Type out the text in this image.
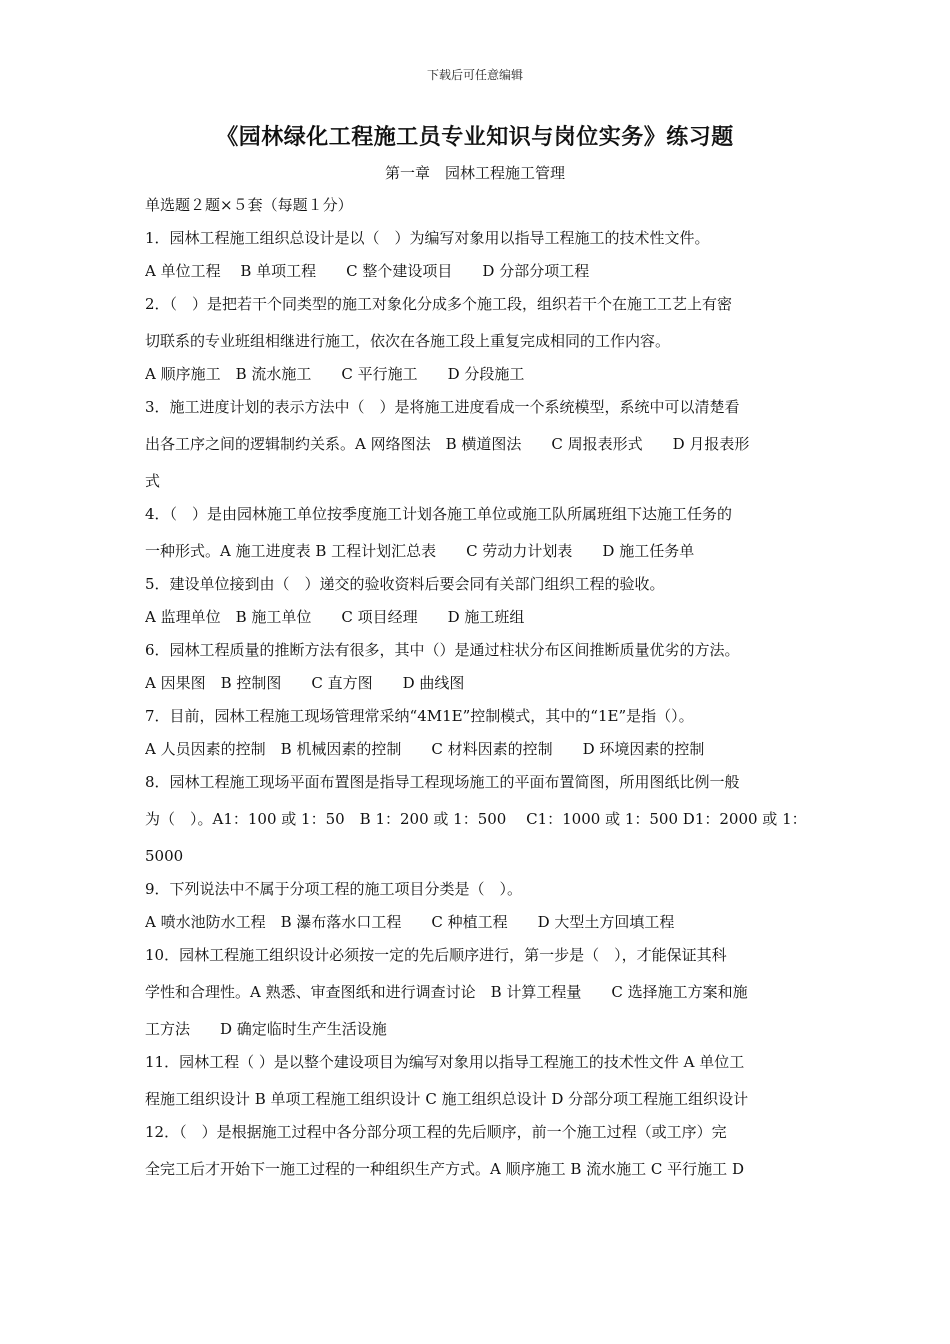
下载后可任意编辑
《园林绿化工程施工员专业知识与岗位实务》练习题
第一章　园林工程施工管理
单选题２题×５套（每题１分）
1．园林工程施工组织总设计是以（　）为编写对象用以指导工程施工的技术性文件。
A 单位工程　 B 单项工程　　C 整个建设项目　　D 分部分项工程
2．（　）是把若干个同类型的施工对象化分成多个施工段，组织若干个在施工工艺上有密
切联系的专业班组相继进行施工，依次在各施工段上重复完成相同的工作内容。
A 顺序施工　B 流水施工　　C 平行施工　　D 分段施工
3．施工进度计划的表示方法中（　）是将施工进度看成一个系统模型，系统中可以清楚看
出各工序之间的逻辑制约关系。A 网络图法　B 横道图法　　C 周报表形式　　D 月报表形
式
4．（　）是由园林施工单位按季度施工计划各施工单位或施工队所属班组下达施工任务的
一种形式。A 施工进度表 B 工程计划汇总表　　C 劳动力计划表　　D 施工任务单
5．建设单位接到由（　）递交的验收资料后要会同有关部门组织工程的验收。
A 监理单位　B 施工单位　　C 项目经理　　D 施工班组
6．园林工程质量的推断方法有很多，其中（）是通过柱状分布区间推断质量优劣的方法。
A 因果图　B 控制图　　C 直方图　　D 曲线图
7．目前，园林工程施工现场管理常采纳“4M1E”控制模式，其中的“1E”是指（）。
A 人员因素的控制　B 机械因素的控制　　C 材料因素的控制　　D 环境因素的控制
8．园林工程施工现场平面布置图是指导工程现场施工的平面布置简图，所用图纸比例一般
为（　）。A1：100 或 1：50　B 1：200 或 1：500　 C1：1000 或 1：500 D1：2000 或 1：
5000
9．下列说法中不属于分项工程的施工项目分类是（　）。
A 喷水池防水工程　B 瀑布落水口工程　　C 种植工程　　D 大型土方回填工程
10．园林工程施工组织设计必须按一定的先后顺序进行，第一步是（　），才能保证其科
学性和合理性。A 熟悉、审查图纸和进行调查讨论　B 计算工程量　　C 选择施工方案和施
工方法　　D 确定临时生产生活设施
11．园林工程（ ）是以整个建设项目为编写对象用以指导工程施工的技术性文件 A 单位工
程施工组织设计 B 单项工程施工组织设计 C 施工组织总设计 D 分部分项工程施工组织设计
12．（　）是根据施工过程中各分部分项工程的先后顺序，前一个施工过程（或工序）完
全完工后才开始下一施工过程的一种组织生产方式。A 顺序施工 B 流水施工 C 平行施工 D
